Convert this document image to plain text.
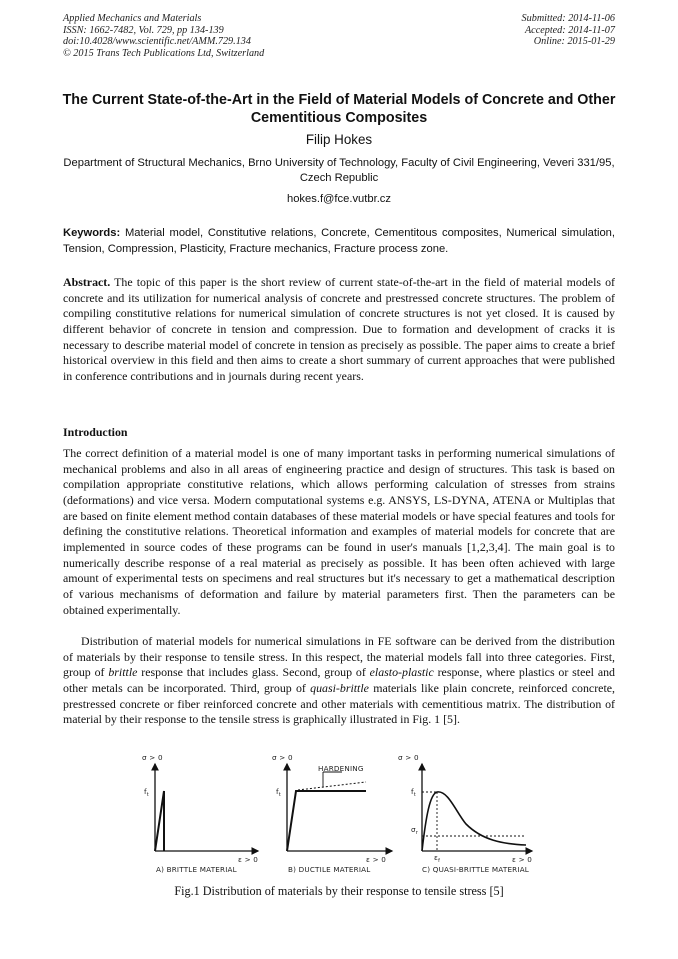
Applied Mechanics and Materials
ISSN: 1662-7482, Vol. 729, pp 134-139
doi:10.4028/www.scientific.net/AMM.729.134
© 2015 Trans Tech Publications Ltd, Switzerland
Submitted: 2014-11-06
Accepted: 2014-11-07
Online: 2015-01-29
The Current State-of-the-Art in the Field of Material Models of Concrete and Other Cementitious Composites
Filip Hokes
Department of Structural Mechanics, Brno University of Technology, Faculty of Civil Engineering, Veveri 331/95, Czech Republic
hokes.f@fce.vutbr.cz
Keywords: Material model, Constitutive relations, Concrete, Cementitous composites, Numerical simulation, Tension, Compression, Plasticity, Fracture mechanics, Fracture process zone.
Abstract. The topic of this paper is the short review of current state-of-the-art in the field of material models of concrete and its utilization for numerical analysis of concrete and prestressed concrete structures. The problem of compiling constitutive relations for numerical simulation of concrete structures is not yet closed. It is caused by different behavior of concrete in tension and compression. Due to formation and development of cracks it is necessary to describe material model of concrete in tension as precisely as possible. The paper aims to create a brief historical overview in this field and then aims to create a short summary of current approaches that were published in conference contributions and in journals during recent years.
Introduction
The correct definition of a material model is one of many important tasks in performing numerical simulations of mechanical problems and also in all areas of engineering practice and design of structures. This task is based on compilation appropriate constitutive relations, which allows performing calculation of stresses from strains (deformations) and vice versa. Modern computational systems e.g. ANSYS, LS-DYNA, ATENA or Multiplas that are based on finite element method contain databases of these material models or have special features and tools for defining the constitutive relations. Theoretical information and examples of material models for concrete that are implemented in source codes of these programs can be found in user's manuals [1,2,3,4]. The main goal is to numerically describe response of a real material as precisely as possible. It has been often achieved with large amount of experimental tests on specimens and real structures but it's necessary to get a mathematical description of various mechanisms of deformation and failure by material parameters first. Then the parameters can be obtained experimentally.
Distribution of material models for numerical simulations in FE software can be derived from the distribution of materials by their response to tensile stress. In this respect, the material models fall into three categories. First, group of brittle response that includes glass. Second, group of elasto-plastic response, where plastics or steel and other metals can be incorporated. Third, group of quasi-brittle materials like plain concrete, reinforced concrete, prestressed concrete or fiber reinforced concrete and other materials with cementitious matrix. The distribution of material by their response to the tensile stress is graphically illustrated in Fig. 1 [5].
σ > 0
$f_t$
ε > 0
A) BRITTLE MATERIAL
σ > 0
$f_t$
HARDENING
ε > 0
B) DUCTILE MATERIAL
σ > 0
$f_t$
$\sigma_r$
$\varepsilon_f$	ε > 0
C) QUASI-BRITTLE MATERIAL
Fig.1 Distribution of materials by their response to tensile stress [5]
